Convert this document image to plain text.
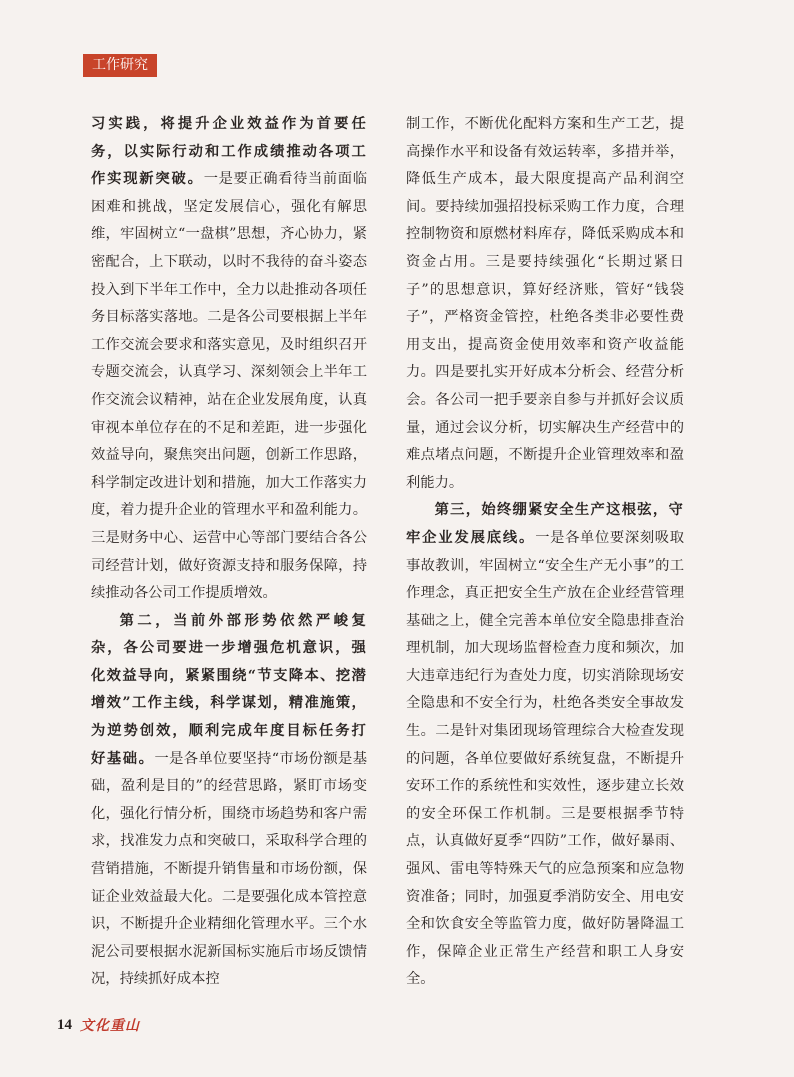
工作研究

习实践，将提升企业效益作为首要任务，以实际行动和工作成绩推动各项工作实现新突破。一是要正确看待当前面临困难和挑战，坚定发展信心，强化有解思维，牢固树立“一盘棋”思想，齐心协力，紧密配合，上下联动，以时不我待的奋斗姿态投入到下半年工作中，全力以赴推动各项任务目标落实落地。二是各公司要根据上半年工作交流会要求和落实意见，及时组织召开专题交流会，认真学习、深刻领会上半年工作交流会议精神，站在企业发展角度，认真审视本单位存在的不足和差距，进一步强化效益导向，聚焦突出问题，创新工作思路，科学制定改进计划和措施，加大工作落实力度，着力提升企业的管理水平和盈利能力。三是财务中心、运营中心等部门要结合各公司经营计划，做好资源支持和服务保障，持续推动各公司工作提质增效。

第二，当前外部形势依然严峻复杂，各公司要进一步增强危机意识，强化效益导向，紧紧围绕“节支降本、挖潜增效”工作主线，科学谋划，精准施策，为逆势创效，顺利完成年度目标任务打好基础。一是各单位要坚持“市场份额是基础，盈利是目的”的经营思路，紧盯市场变化，强化行情分析，围绕市场趋势和客户需求，找准发力点和突破口，采取科学合理的营销措施，不断提升销售量和市场份额，保证企业效益最大化。二是要强化成本管控意识，不断提升企业精细化管理水平。三个水泥公司要根据水泥新国标实施后市场反馈情况，持续抓好成本控

制工作，不断优化配料方案和生产工艺，提高操作水平和设备有效运转率，多措并举，降低生产成本，最大限度提高产品利润空间。要持续加强招投标采购工作力度，合理控制物资和原燃材料库存，降低采购成本和资金占用。三是要持续强化“长期过紧日子”的思想意识，算好经济账，管好“钱袋子”，严格资金管控，杜绝各类非必要性费用支出，提高资金使用效率和资产收益能力。四是要扎实开好成本分析会、经营分析会。各公司一把手要亲自参与并抓好会议质量，通过会议分析，切实解决生产经营中的难点堵点问题，不断提升企业管理效率和盈利能力。

第三，始终绷紧安全生产这根弦，守牢企业发展底线。一是各单位要深刻吸取事故教训，牢固树立“安全生产无小事”的工作理念，真正把安全生产放在企业经营管理基础之上，健全完善本单位安全隐患排查治理机制，加大现场监督检查力度和频次，加大违章违纪行为查处力度，切实消除现场安全隐患和不安全行为，杜绝各类安全事故发生。二是针对集团现场管理综合大检查发现的问题，各单位要做好系统复盘，不断提升安环工作的系统性和实效性，逐步建立长效的安全环保工作机制。三是要根据季节特点，认真做好夏季“四防”工作，做好暴雨、强风、雷电等特殊天气的应急预案和应急物资准备；同时，加强夏季消防安全、用电安全和饮食安全等监管力度，做好防暑降温工作，保障企业正常生产经营和职工人身安全。

14 文化重山
